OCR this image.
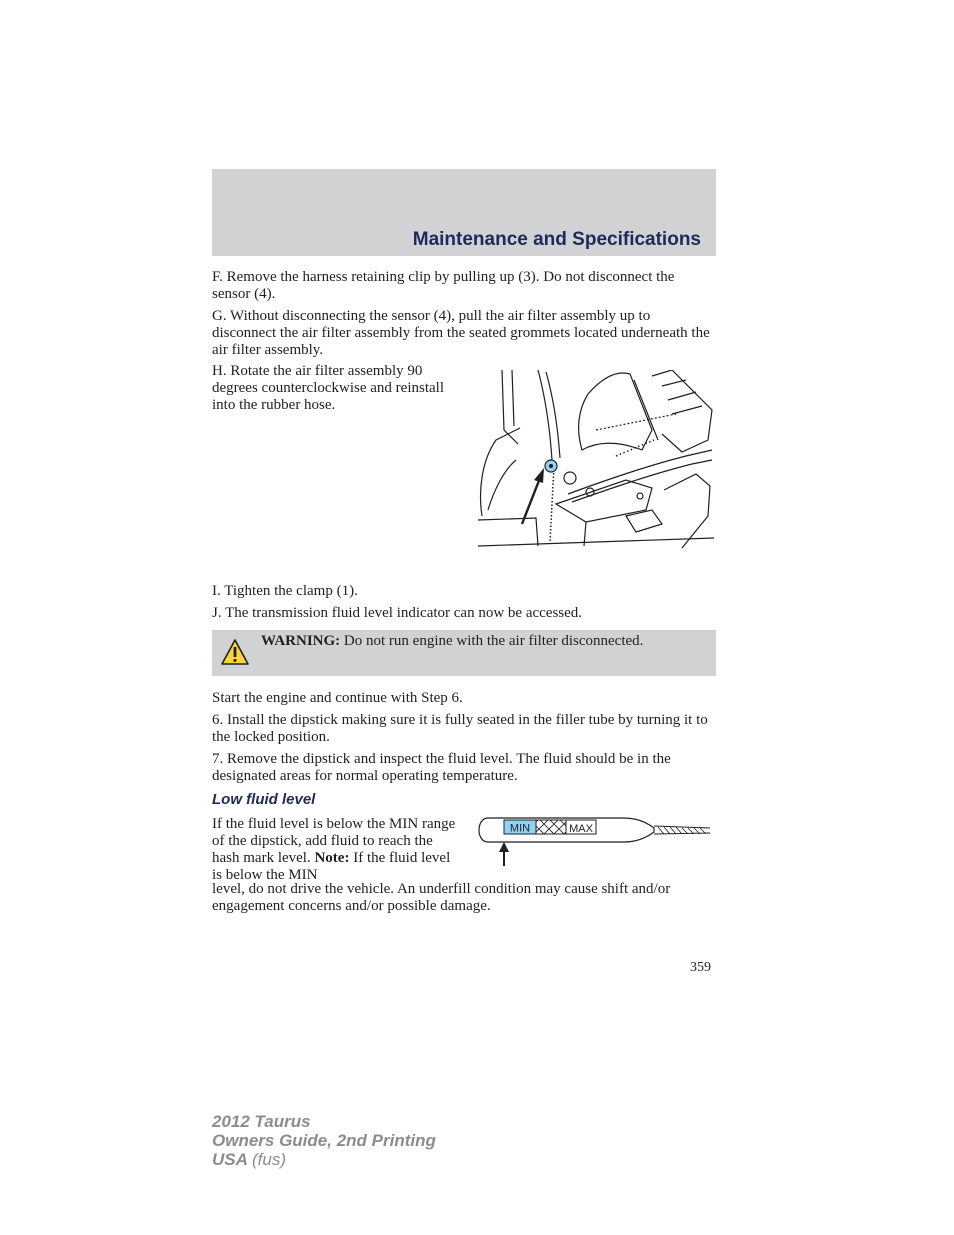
Maintenance and Specifications

F. Remove the harness retaining clip by pulling up (3). Do not disconnect the sensor (4).

G. Without disconnecting the sensor (4), pull the air filter assembly up to disconnect the air filter assembly from the seated grommets located underneath the air filter assembly.

H. Rotate the air filter assembly 90 degrees counterclockwise and reinstall into the rubber hose.

I. Tighten the clamp (1).

J. The transmission fluid level indicator can now be accessed.

WARNING: Do not run engine with the air filter disconnected.

Start the engine and continue with Step 6.

6. Install the dipstick making sure it is fully seated in the filler tube by turning it to the locked position.

7. Remove the dipstick and inspect the fluid level. The fluid should be in the designated areas for normal operating temperature.

Low fluid level

If the fluid level is below the MIN range of the dipstick, add fluid to reach the hash mark level. Note: If the fluid level is below the MIN

level, do not drive the vehicle. An underfill condition may cause shift and/or engagement concerns and/or possible damage.

MIN	MAX
359
2012 Taurus
Owners Guide, 2nd Printing
USA (fus)
